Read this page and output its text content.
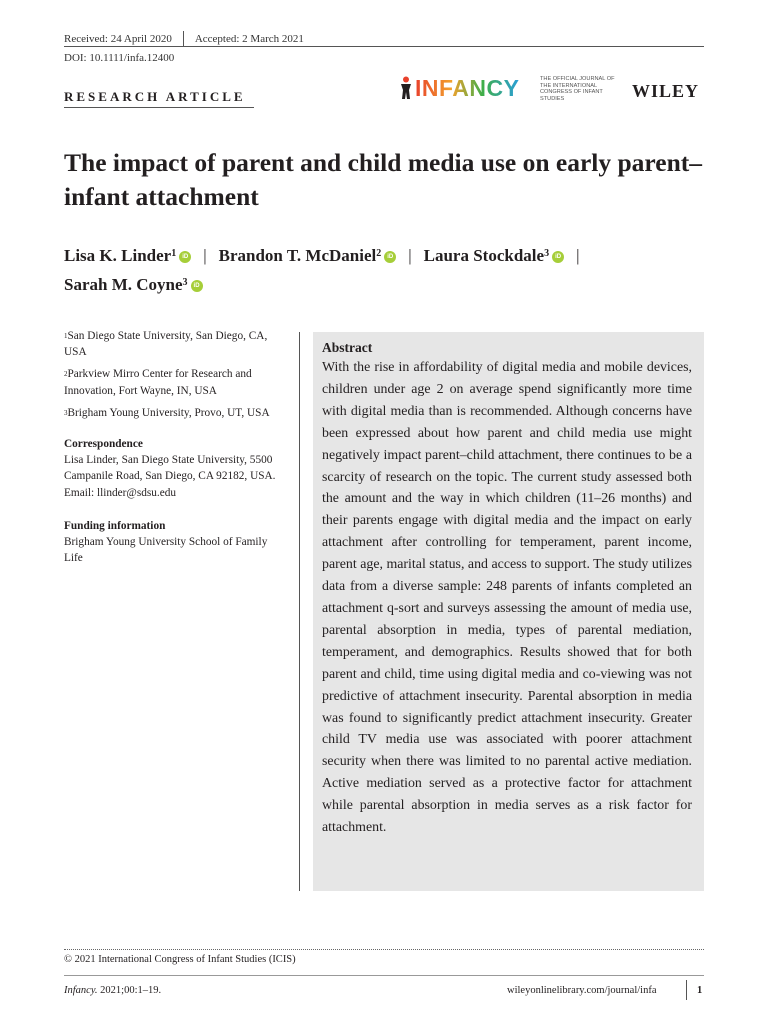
Received: 24 April 2020 Accepted: 2 March 2021
DOI: 10.1111/infa.12400
RESEARCH ARTICLE	INFANCY	THE OFFICIAL JOURNAL OF THE INTERNATIONAL CONGRESS OF INFANT STUDIES	WILEY
The impact of parent and child media use on early parent–infant attachment
Lisa K. Linder$^1$ iD | Brandon T. McDaniel$^2$ iD | Laura Stockdale$^3$ iD |
Sarah M. Coyne$^3$ iD

$^1$San Diego State University, San Diego, CA, USA

$^2$Parkview Mirro Center for Research and Innovation, Fort Wayne, IN, USA

$^3$Brigham Young University, Provo, UT, USA

Correspondence

Lisa Linder, San Diego State University, 5500 Campanile Road, San Diego, CA 92182, USA.

Email: llinder@sdsu.edu

Funding information

Brigham Young University School of Family Life

Abstract
With the rise in affordability of digital media and mobile devices, children under age 2 on average spend significantly more time with digital media than is recommended. Although concerns have been expressed about how parent and child media use might negatively impact parent–child attachment, there continues to be a scarcity of research on the topic. The current study assessed both the amount and the way in which children (11–26 months) and their parents engage with digital media and the impact on early attachment after controlling for temperament, parent income, parent age, marital status, and access to support. The study utilizes data from a diverse sample: 248 parents of infants completed an attachment q-sort and surveys assessing the amount of media use, parental absorption in media, types of parental mediation, temperament, and demographics. Results showed that for both parent and child, time using digital media and co-viewing was not predictive of attachment insecurity. Parental absorption in media was found to significantly predict attachment insecurity. Greater child TV media use was associated with poorer attachment security when there was limited to no parental active mediation. Active mediation served as a protective factor for attachment while parental absorption in media serves as a risk factor for attachment.
© 2021 International Congress of Infant Studies (ICIS)
Infancy. 2021;00:1–19.	wileyonlinelibrary.com/journal/infa	1
